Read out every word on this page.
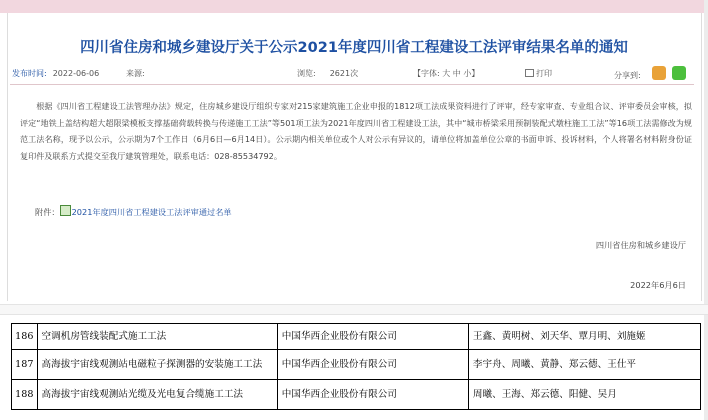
四川省住房和城乡建设厅关于公示2021年度四川省工程建设工法评审结果名单的通知
发布时间: 2022-06-06	来源:	浏览: 2621次	【字体: 大 中 小】	打印	分享到:
根据《四川省工程建设工法管理办法》规定，住房城乡建设厅组织专家对215家建筑施工企业申报的1812项工法成果资料进行了评审，经专家审查、专业组合议、评审委员会审核，拟评定“地铁上盖结构超大超限梁模板支撑基础荷载转换与传递施工工法”等501项工法为2021年度四川省工程建设工法，其中“城市桥梁采用预制装配式墩柱施工工法”等16项工法需修改为规范工法名称，现予以公示，公示期为7个工作日（6月6日—6月14日）。公示期内相关单位或个人对公示有异议的，请单位将加盖单位公章的书面申诉、投诉材料，个人将署名材料附身份证复印件及联系方式提交至我厅建筑管理处，联系电话：028-85534792。
附件： 2021年度四川省工程建设工法评审通过名单
四川省住房和城乡建设厅
2022年6月6日
186	空调机房管线装配式施工工法	中国华西企业股份有限公司	王鑫、黄明树、刘天华、覃月明、刘施姬
187	高海拔宇宙线观测站电磁粒子探测器的安装施工工法	中国华西企业股份有限公司	李宇舟、周曦、黄静、郑云德、王仕平
188	高海拔宇宙线观测站光缆及光电复合缆施工工法	中国华西企业股份有限公司	周曦、王海、郑云德、阳健、吴月
